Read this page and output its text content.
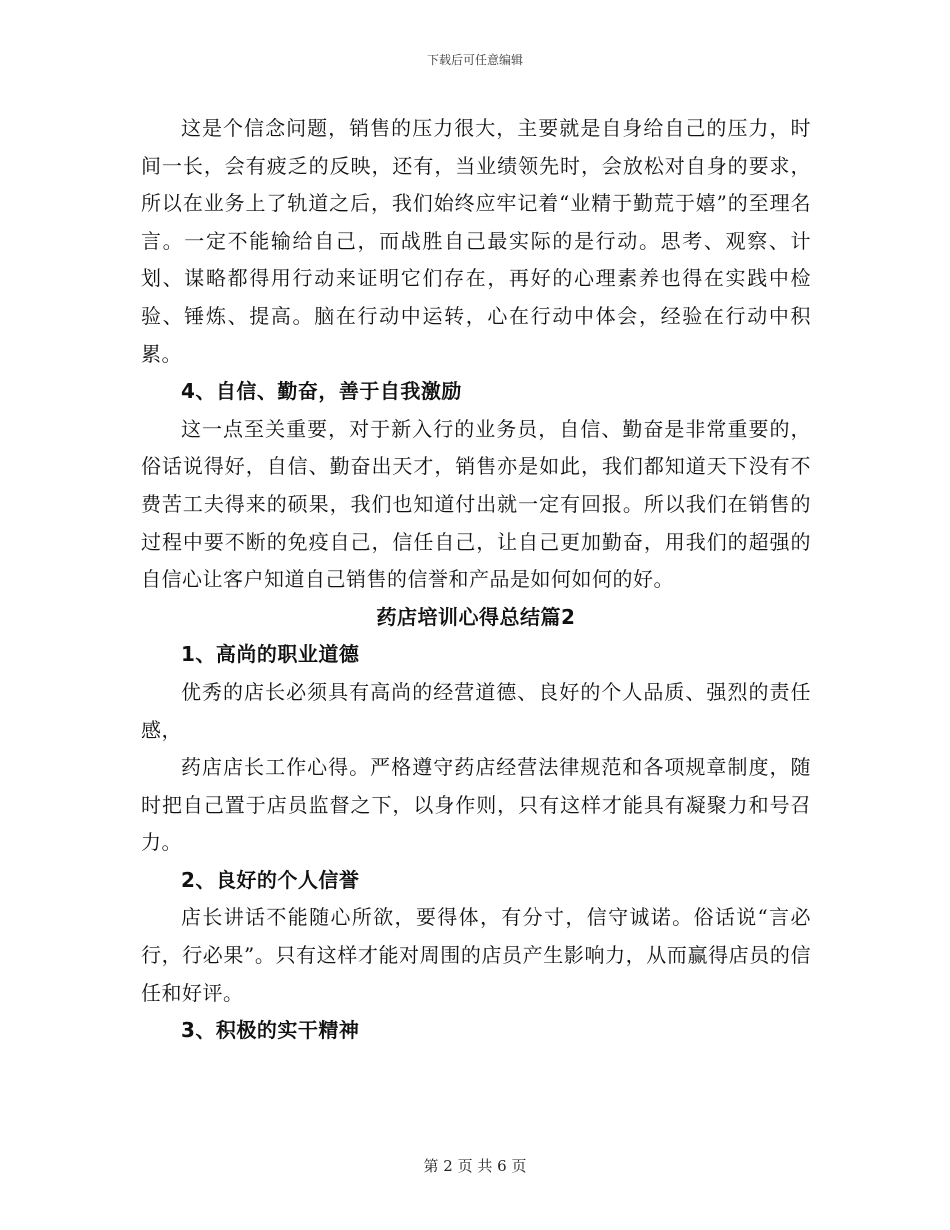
下载后可任意编辑

这是个信念问题，销售的压力很大，主要就是自身给自己的压力，时间一长，会有疲乏的反映，还有，当业绩领先时，会放松对自身的要求，所以在业务上了轨道之后，我们始终应牢记着“业精于勤荒于嬉”的至理名言。一定不能输给自己，而战胜自己最实际的是行动。思考、观察、计划、谋略都得用行动来证明它们存在，再好的心理素养也得在实践中检验、锤炼、提高。脑在行动中运转，心在行动中体会，经验在行动中积累。

4、自信、勤奋，善于自我激励

这一点至关重要，对于新入行的业务员，自信、勤奋是非常重要的，俗话说得好，自信、勤奋出天才，销售亦是如此，我们都知道天下没有不费苦工夫得来的硕果，我们也知道付出就一定有回报。所以我们在销售的过程中要不断的免疫自己，信任自己，让自己更加勤奋，用我们的超强的自信心让客户知道自己销售的信誉和产品是如何如何的好。

药店培训心得总结篇2

1、高尚的职业道德

优秀的店长必须具有高尚的经营道德、良好的个人品质、强烈的责任感，

药店店长工作心得。严格遵守药店经营法律规范和各项规章制度，随时把自己置于店员监督之下，以身作则，只有这样才能具有凝聚力和号召力。

2、良好的个人信誉

店长讲话不能随心所欲，要得体，有分寸，信守诚诺。俗话说“言必行，行必果”。只有这样才能对周围的店员产生影响力，从而赢得店员的信任和好评。

3、积极的实干精神

第 2 页 共 6 页
